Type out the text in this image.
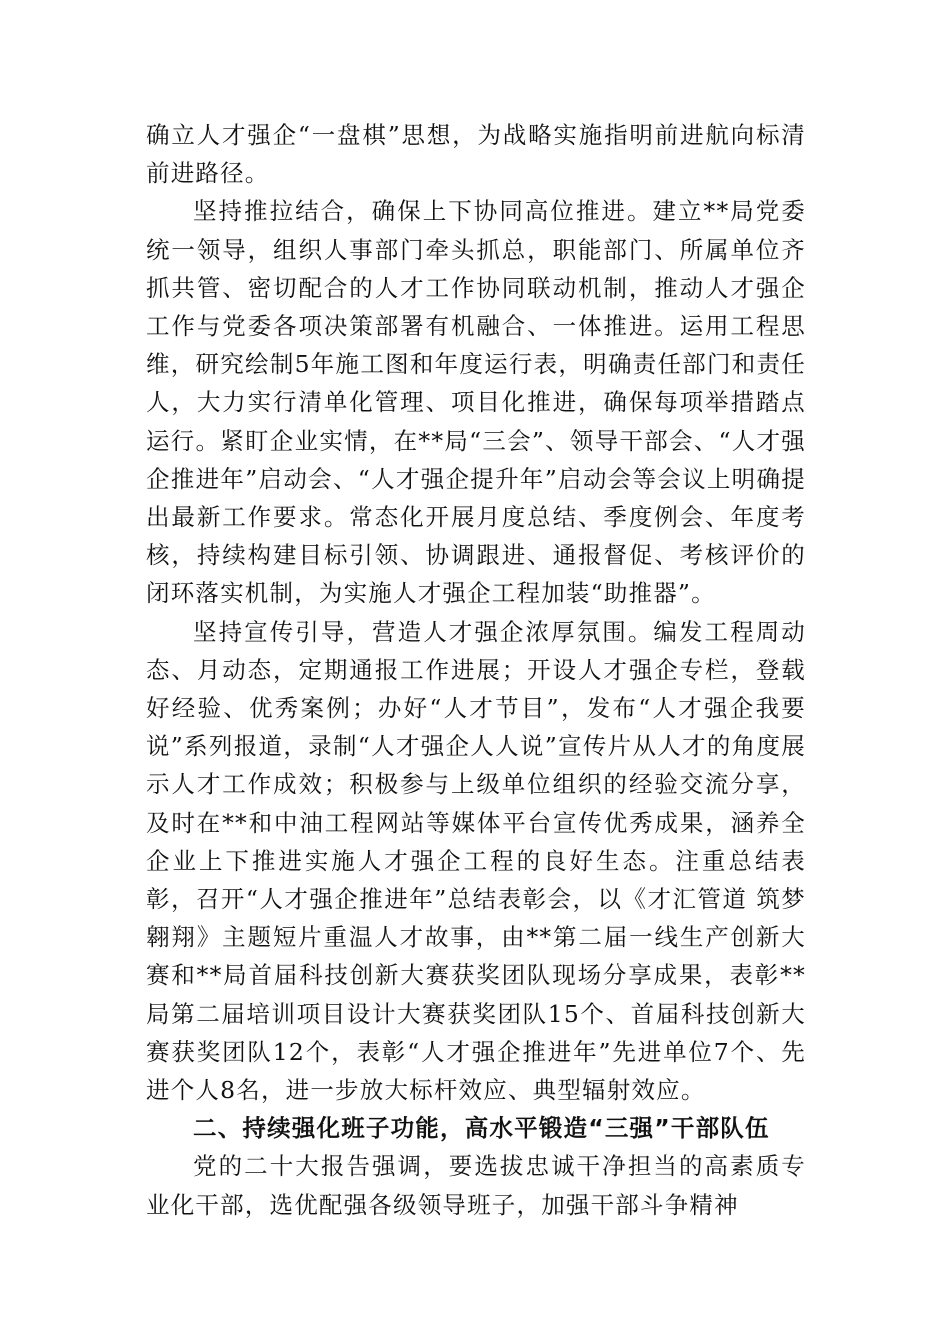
确立人才强企“一盘棋”思想，为战略实施指明前进航向标清前进路径。

坚持推拉结合，确保上下协同高位推进。建立**局党委统一领导，组织人事部门牵头抓总，职能部门、所属单位齐抓共管、密切配合的人才工作协同联动机制，推动人才强企工作与党委各项决策部署有机融合、一体推进。运用工程思维，研究绘制5年施工图和年度运行表，明确责任部门和责任人，大力实行清单化管理、项目化推进，确保每项举措踏点运行。紧盯企业实情，在**局“三会”、领导干部会、“人才强企推进年”启动会、“人才强企提升年”启动会等会议上明确提出最新工作要求。常态化开展月度总结、季度例会、年度考核，持续构建目标引领、协调跟进、通报督促、考核评价的闭环落实机制，为实施人才强企工程加装“助推器”。

坚持宣传引导，营造人才强企浓厚氛围。编发工程周动态、月动态，定期通报工作进展；开设人才强企专栏，登载好经验、优秀案例；办好“人才节目”，发布“人才强企我要说”系列报道，录制“人才强企人人说”宣传片从人才的角度展示人才工作成效；积极参与上级单位组织的经验交流分享，及时在**和中油工程网站等媒体平台宣传优秀成果，涵养全企业上下推进实施人才强企工程的良好生态。注重总结表彰，召开“人才强企推进年”总结表彰会，以《才汇管道 筑梦翱翔》主题短片重温人才故事，由**第二届一线生产创新大赛和**局首届科技创新大赛获奖团队现场分享成果，表彰**局第二届培训项目设计大赛获奖团队15个、首届科技创新大赛获奖团队12个，表彰“人才强企推进年”先进单位7个、先进个人8名，进一步放大标杆效应、典型辐射效应。

二、持续强化班子功能，高水平锻造“三强”干部队伍

党的二十大报告强调，要选拔忠诚干净担当的高素质专业化干部，选优配强各级领导班子，加强干部斗争精神
